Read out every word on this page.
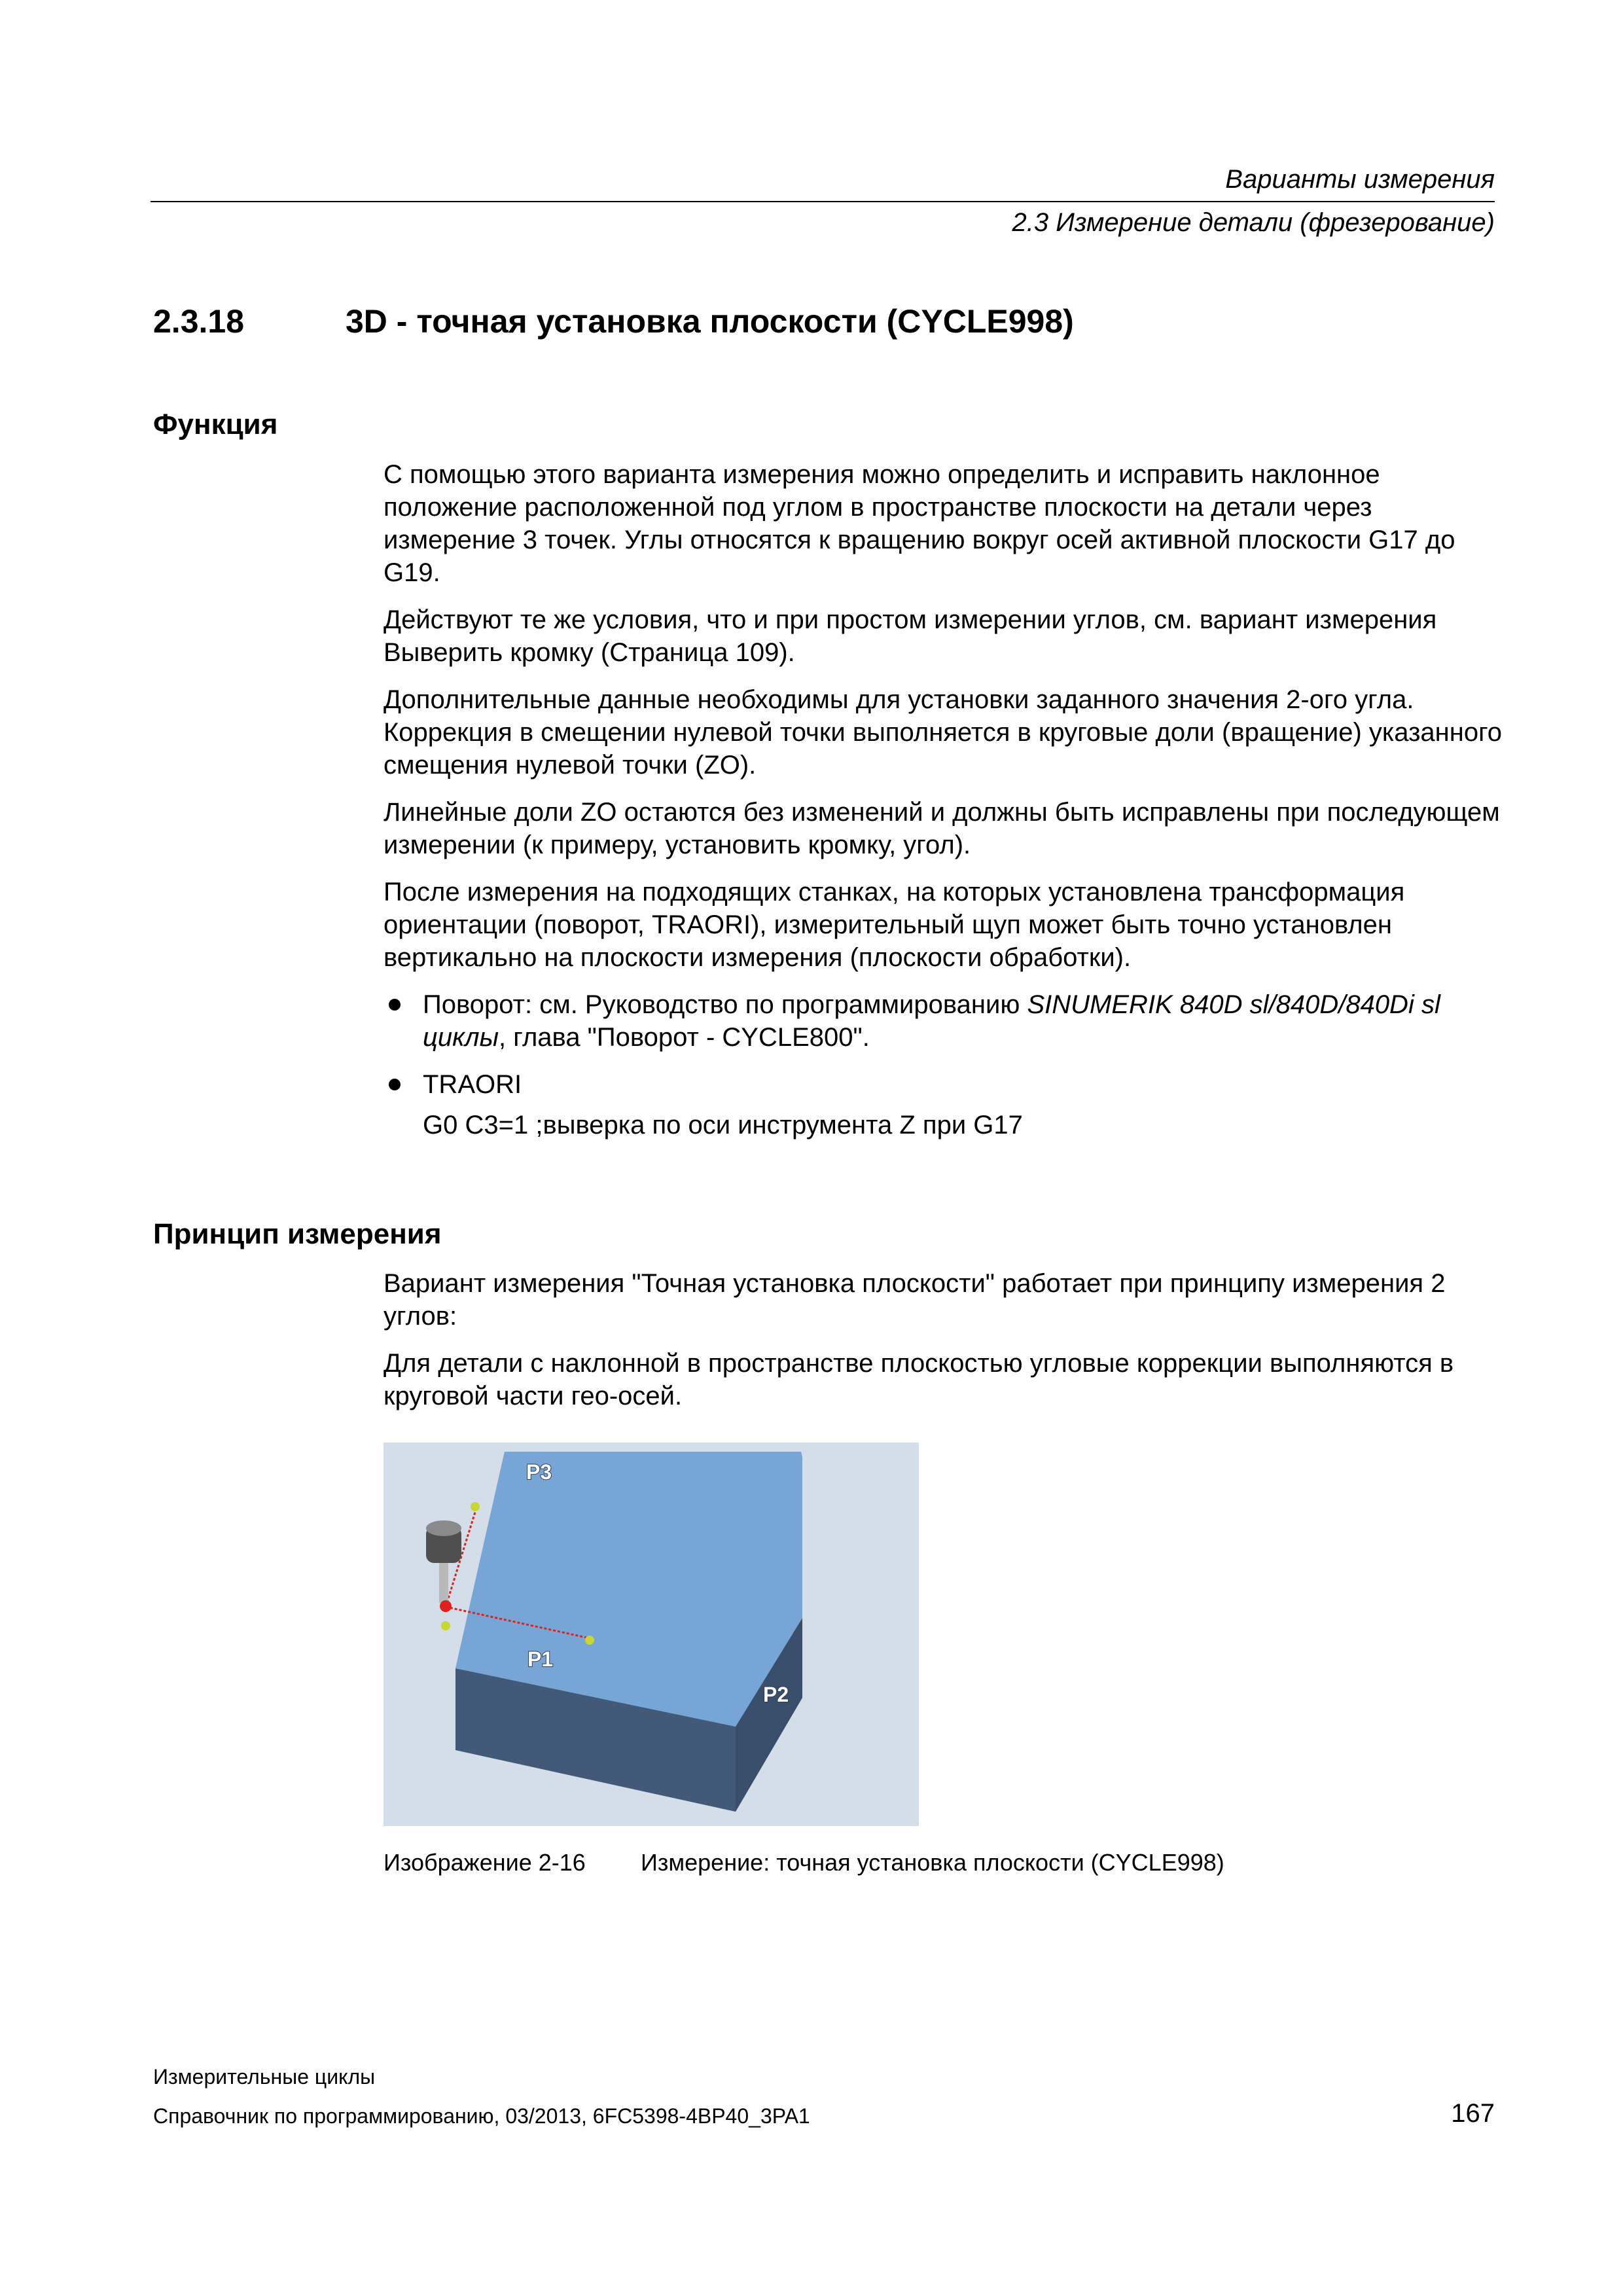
Варианты измерения
2.3 Измерение детали (фрезерование)
2.3.18	3D - точная установка плоскости (CYCLE998)
Функция

С помощью этого варианта измерения можно определить и исправить наклонное положение расположенной под углом в пространстве плоскости на детали через измерение 3 точек. Углы относятся к вращению вокруг осей активной плоскости G17 до G19.

Действуют те же условия, что и при простом измерении углов, см. вариант измерения Выверить кромку (Страница 109).

Дополнительные данные необходимы для установки заданного значения 2-ого угла. Коррекция в смещении нулевой точки выполняется в круговые доли (вращение) указанного смещения нулевой точки (ZO).

Линейные доли ZO остаются без изменений и должны быть исправлены при последующем измерении (к примеру, установить кромку, угол).

После измерения на подходящих станках, на которых установлена трансформация ориентации (поворот, TRAORI), измерительный щуп может быть точно установлен вертикально на плоскости измерения (плоскости обработки).

Поворот: см. Руководство по программированию SINUMERIK 840D sl/840D/840Di sl циклы, глава "Поворот - CYCLE800".
TRAORI

G0 C3=1 ;выверка по оси инструмента Z при G17

Принцип измерения

Вариант измерения "Точная установка плоскости" работает при принципу измерения 2 углов:

Для детали с наклонной в пространстве плоскостью угловые коррекции выполняются в круговой части гео-осей.

P3
P1
P2
Изображение 2-16 Измерение: точная установка плоскости (CYCLE998)
Измерительные циклы
Справочник по программированию, 03/2013, 6FC5398-4BP40_3PA1	167
